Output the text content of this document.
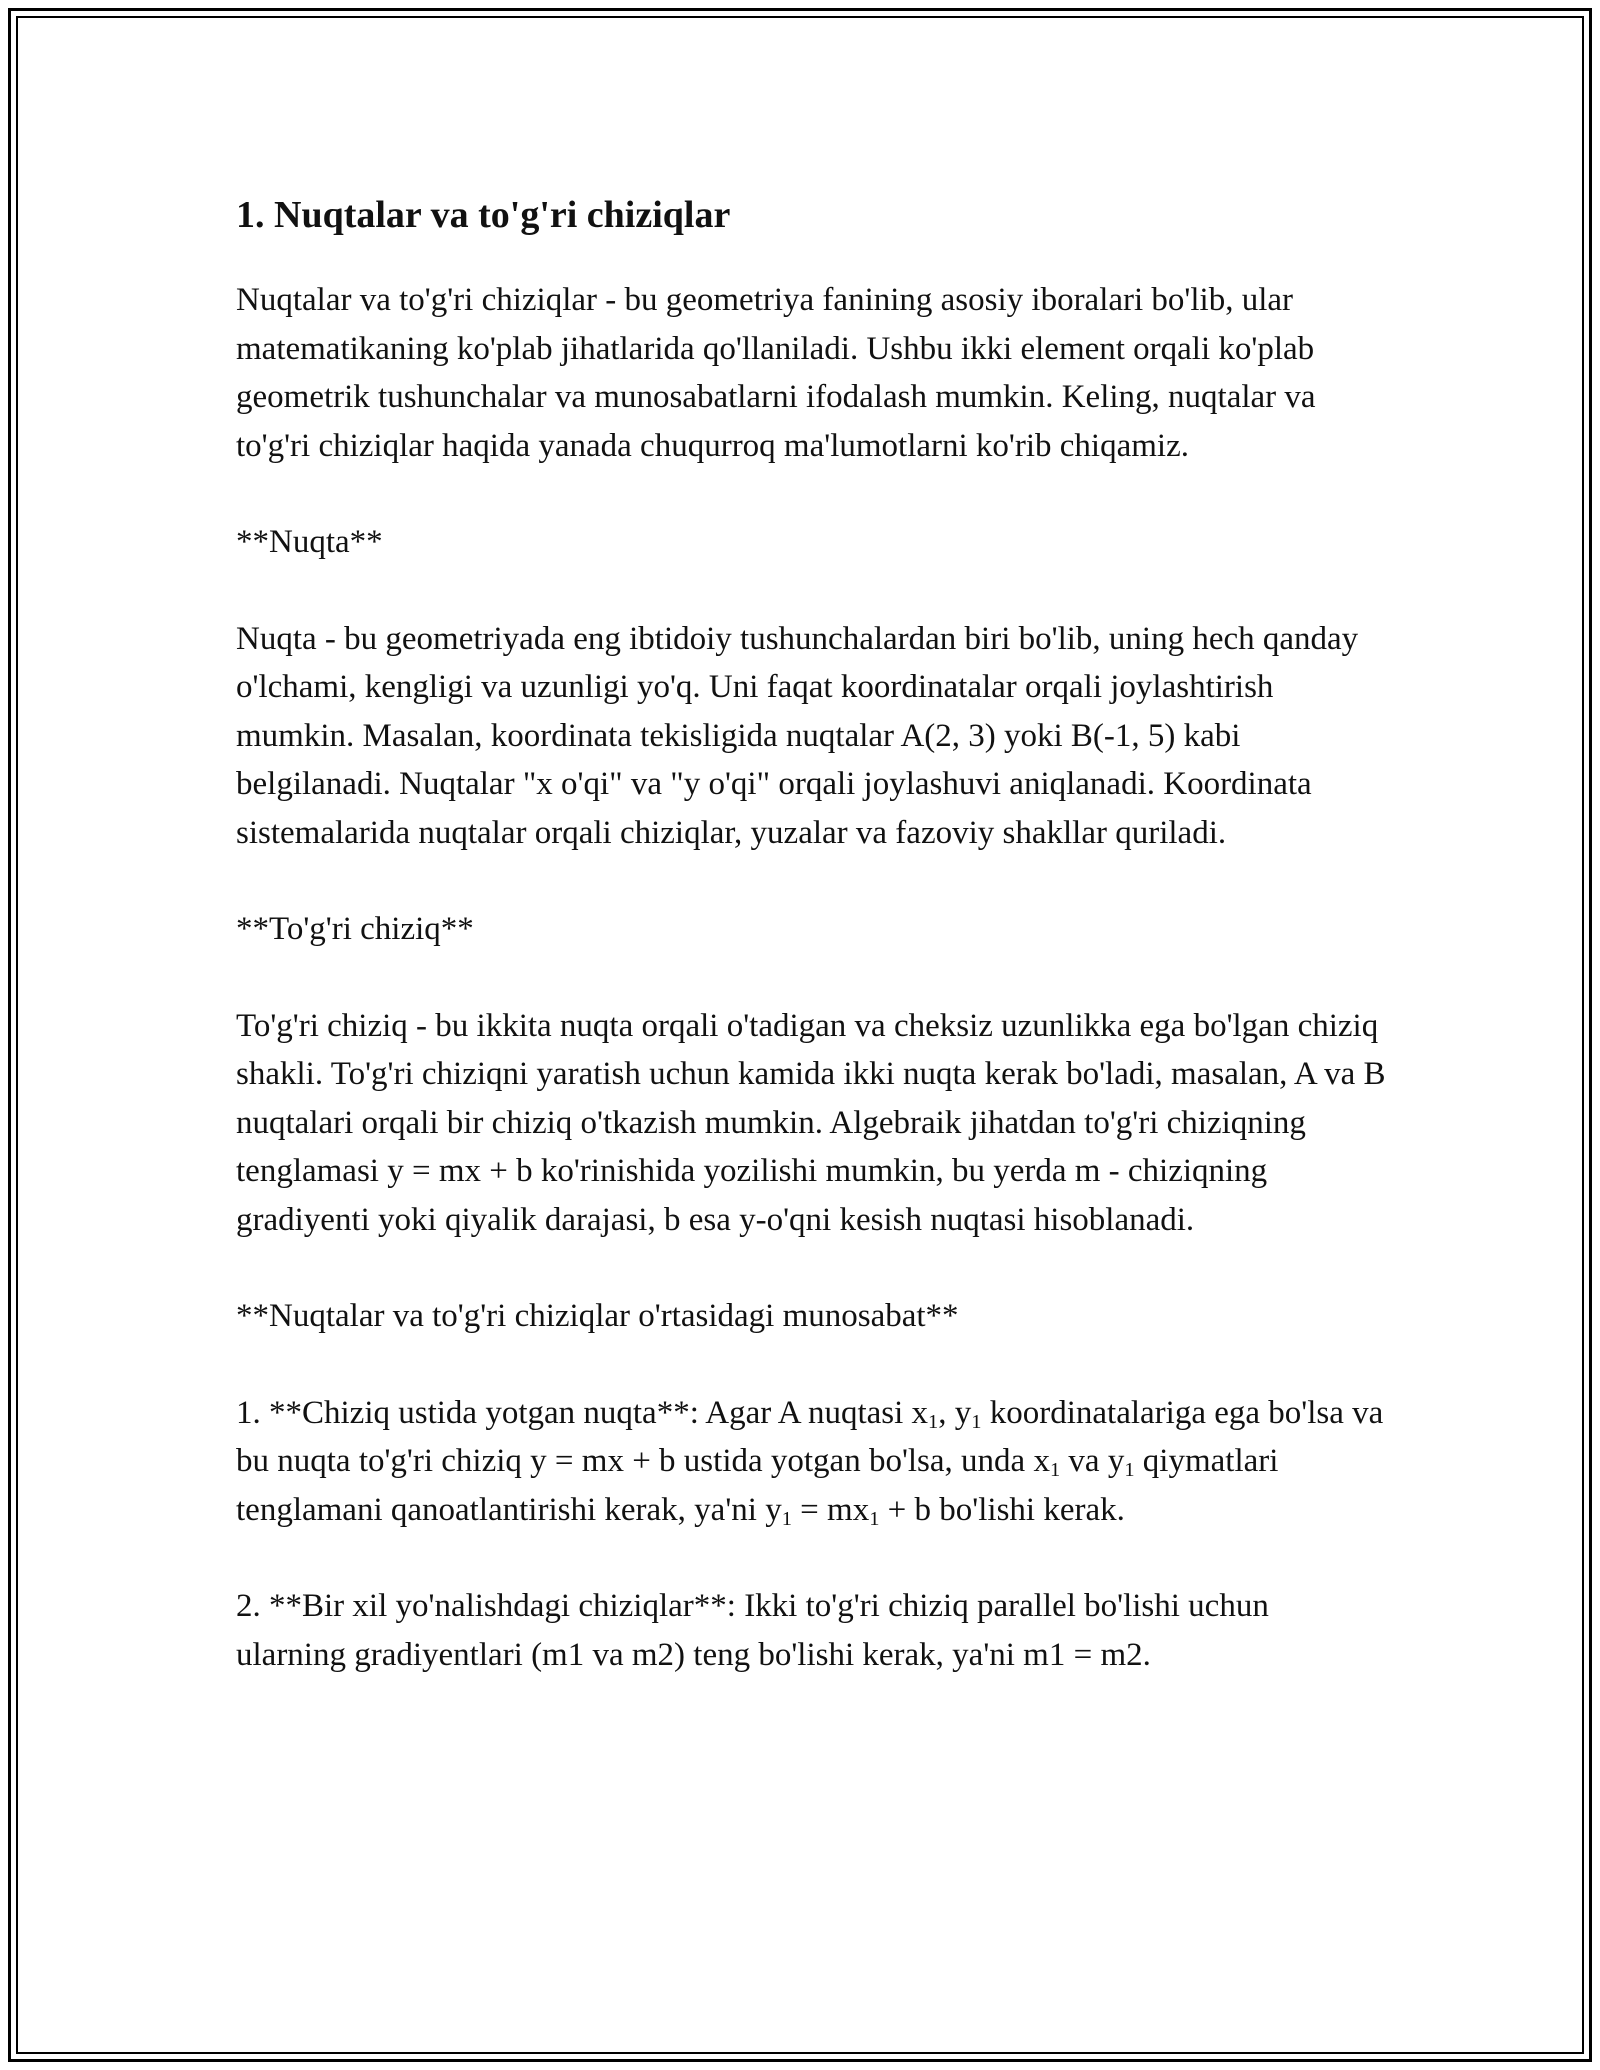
1. Nuqtalar va to'g'ri chiziqlar

Nuqtalar va to'g'ri chiziqlar - bu geometriya fanining asosiy iboralari bo'lib, ular matematikaning ko'plab jihatlarida qo'llaniladi. Ushbu ikki element orqali ko'plab geometrik tushunchalar va munosabatlarni ifodalash mumkin. Keling, nuqtalar va to'g'ri chiziqlar haqida yanada chuqurroq ma'lumotlarni ko'rib chiqamiz.

**Nuqta**

Nuqta - bu geometriyada eng ibtidoiy tushunchalardan biri bo'lib, uning hech qanday o'lchami, kengligi va uzunligi yo'q. Uni faqat koordinatalar orqali joylashtirish mumkin. Masalan, koordinata tekisligida nuqtalar A(2, 3) yoki B(-1, 5) kabi belgilanadi. Nuqtalar "x o'qi" va "y o'qi" orqali joylashuvi aniqlanadi. Koordinata sistemalarida nuqtalar orqali chiziqlar, yuzalar va fazoviy shakllar quriladi.

**To'g'ri chiziq**

To'g'ri chiziq - bu ikkita nuqta orqali o'tadigan va cheksiz uzunlikka ega bo'lgan chiziq shakli. To'g'ri chiziqni yaratish uchun kamida ikki nuqta kerak bo'ladi, masalan, A va B nuqtalari orqali bir chiziq o'tkazish mumkin. Algebraik jihatdan to'g'ri chiziqning tenglamasi y = mx + b ko'rinishida yozilishi mumkin, bu yerda m - chiziqning gradiyenti yoki qiyalik darajasi, b esa y-o'qni kesish nuqtasi hisoblanadi.

**Nuqtalar va to'g'ri chiziqlar o'rtasidagi munosabat**

1. **Chiziq ustida yotgan nuqta**: Agar A nuqtasi $x_1$, $y_1$ koordinatalariga ega bo'lsa va bu nuqta to'g'ri chiziq y = mx + b ustida yotgan bo'lsa, unda $x_1$ va $y_1$ qiymatlari tenglamani qanoatlantirishi kerak, ya'ni $y_1 = mx_1 + b$ bo'lishi kerak.

2. **Bir xil yo'nalishdagi chiziqlar**: Ikki to'g'ri chiziq parallel bo'lishi uchun ularning gradiyentlari (m1 va m2) teng bo'lishi kerak, ya'ni m1 = m2.
